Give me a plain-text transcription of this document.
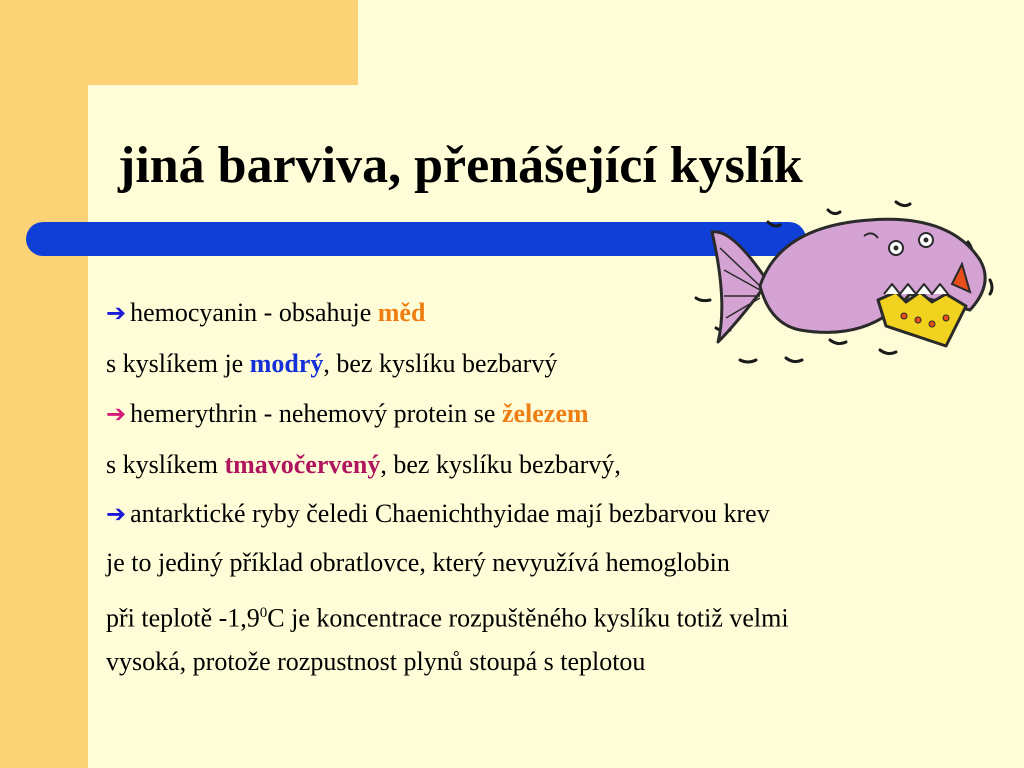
jiná barviva, přenášející kyslík
➔ hemocyanin - obsahuje měd
s kyslíkem je modrý, bez kyslíku bezbarvý
➔ hemerythrin - nehemový protein se železem
s kyslíkem tmavočervený, bez kyslíku bezbarvý,
➔ antarktické ryby čeledi Chaenichthyidae mají bezbarvou krev
je to jediný příklad obratlovce, který nevyužívá hemoglobin
při teplotě $-1,9^0C$ je koncentrace rozpuštěného kyslíku totiž velmi
vysoká, protože rozpustnost plynů stoupá s teplotou
